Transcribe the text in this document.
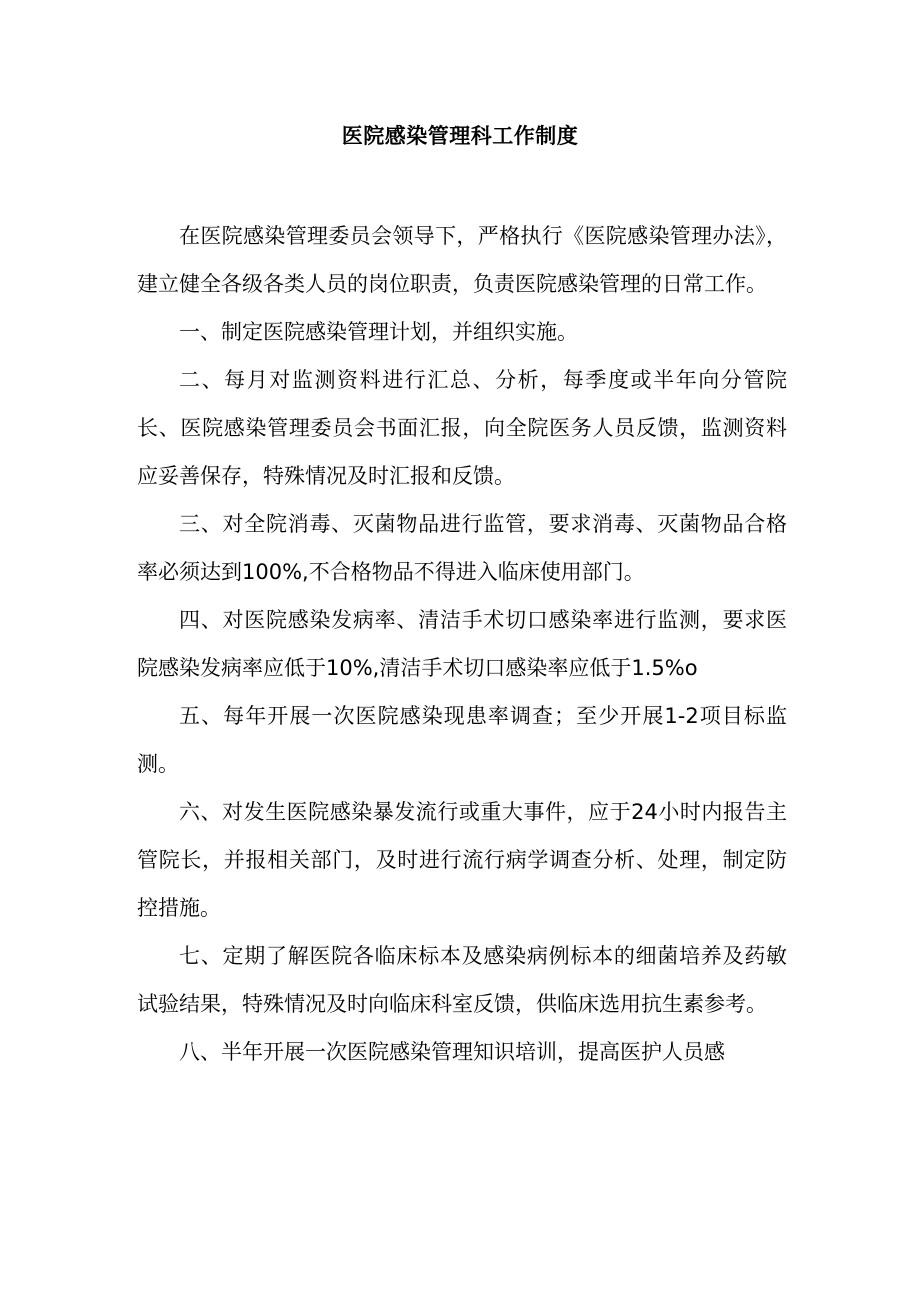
医院感染管理科工作制度

在医院感染管理委员会领导下，严格执行《医院感染管理办法》，建立健全各级各类人员的岗位职责，负责医院感染管理的日常工作。

一、制定医院感染管理计划，并组织实施。

二、每月对监测资料进行汇总、分析，每季度或半年向分管院长、医院感染管理委员会书面汇报，向全院医务人员反馈，监测资料应妥善保存，特殊情况及时汇报和反馈。

三、对全院消毒、灭菌物品进行监管，要求消毒、灭菌物品合格率必须达到100%,不合格物品不得进入临床使用部门。

四、对医院感染发病率、清洁手术切口感染率进行监测，要求医院感染发病率应低于10%,清洁手术切口感染率应低于1.5%o

五、每年开展一次医院感染现患率调查；至少开展1-2项目标监测。

六、对发生医院感染暴发流行或重大事件，应于24小时内报告主管院长，并报相关部门，及时进行流行病学调查分析、处理，制定防控措施。

七、定期了解医院各临床标本及感染病例标本的细菌培养及药敏试验结果，特殊情况及时向临床科室反馈，供临床选用抗生素参考。

八、半年开展一次医院感染管理知识培训，提高医护人员感
